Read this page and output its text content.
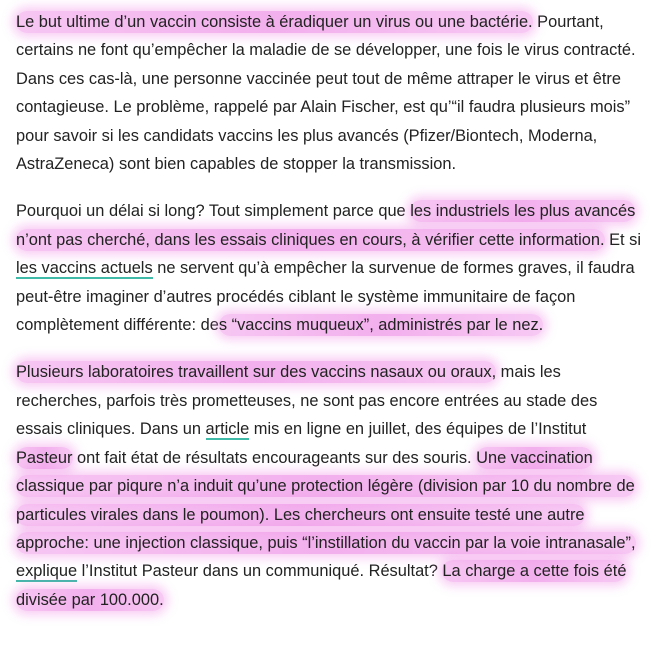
Le but ultime d’un vaccin consiste à éradiquer un virus ou une bactérie. Pourtant, certains ne font qu’empêcher la maladie de se développer, une fois le virus contracté. Dans ces cas-là, une personne vaccinée peut tout de même attraper le virus et être contagieuse. Le problème, rappelé par Alain Fischer, est qu’“il faudra plusieurs mois” pour savoir si les candidats vaccins les plus avancés (Pfizer/Biontech, Moderna, AstraZeneca) sont bien capables de stopper la transmission.

Pourquoi un délai si long? Tout simplement parce que les industriels les plus avancés n’ont pas cherché, dans les essais cliniques en cours, à vérifier cette information. Et si les vaccins actuels ne servent qu’à empêcher la survenue de formes graves, il faudra peut-être imaginer d’autres procédés ciblant le système immunitaire de façon complètement différente: des “vaccins muqueux”, administrés par le nez.

Plusieurs laboratoires travaillent sur des vaccins nasaux ou oraux, mais les recherches, parfois très prometteuses, ne sont pas encore entrées au stade des essais cliniques. Dans un article mis en ligne en juillet, des équipes de l’Institut Pasteur ont fait état de résultats encourageants sur des souris. Une vaccination classique par piqure n’a induit qu’une protection légère (division par 10 du nombre de particules virales dans le poumon). Les chercheurs ont ensuite testé une autre approche: une injection classique, puis “l’instillation du vaccin par la voie intranasale”, explique l’Institut Pasteur dans un communiqué. Résultat? La charge a cette fois été divisée par 100.000.
